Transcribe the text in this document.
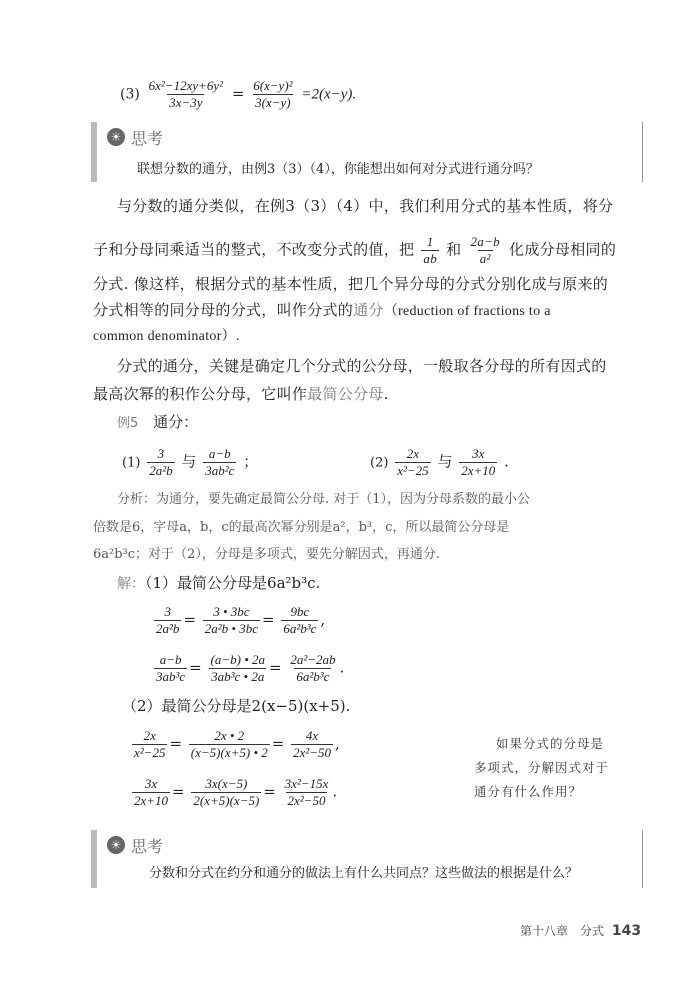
$(3) \frac{\text{6x²−12xy+6y²}}{3x-3y} = \frac{\text{6(x−y)²}}{3(x-y)} =2(x-y)$.
☀ 思考
联想分数的通分，由例3（3）（4），你能想出如何对分式进行通分吗？
与分数的通分类似，在例3（3）（4）中，我们利用分式的基本性质，将分
子和分母同乘适当的整式，不改变分式的值，把 $\frac{1}{ab}$ 和 $\frac{2a-b}{\text{a²}}$ 化成分母相同的
分式. 像这样，根据分式的基本性质，把几个异分母的分式分别化成与原来的
分式相等的同分母的分式，叫作分式的通分（reduction of fractions to a
common denominator）.
分式的通分，关键是确定几个分式的公分母，一般取各分母的所有因式的
最高次幂的积作公分母，它叫作最简公分母.
例5 通分：
$(1) \frac{3}{\text{2a²b}}$ 与 $\frac{a-b}{\text{3ab²c}}$ ；	$(2) \frac{2x}{\text{x²−25}}$ 与 $\frac{3x}{2x+10}$ .
分析：为通分，要先确定最简公分母. 对于（1），因为分母系数的最小公
倍数是6，字母a，b，c的最高次幂分别是a²，b³，c，所以最简公分母是
6a²b³c；对于（2），分母是多项式，要先分解因式，再通分.
解：（1）最简公分母是6a²b³c.
$\frac{3}{\text{2a²b}} = \frac{3 • 3bc}{\text{2a²b • 3bc}} = \frac{9bc}{\text{6a²b³c}}$ ,
$\frac{a-b}{\text{3ab³c}} = \frac{(a-b) • 2a}{\text{3ab³c • 2a}} = \frac{\text{2a²−2ab}}{\text{6a²b³c}}$ .
（2）最简公分母是2(x−5)(x+5).
$\frac{2x}{\text{x²−25}} = \frac{2x • 2}{(x-5)(x+5) • 2} = \frac{4x}{\text{2x²−50}}$ ,
$\frac{3x}{2x+10} = \frac{3x(x-5)}{2(x+5)(x-5)} = \frac{\text{3x²−15x}}{\text{2x²−50}}$ .
如果分式的分母是
多项式，分解因式对于
通分有什么作用？
☀ 思考
分数和分式在约分和通分的做法上有什么共同点？这些做法的根据是什么？
第十八章　分式 143
